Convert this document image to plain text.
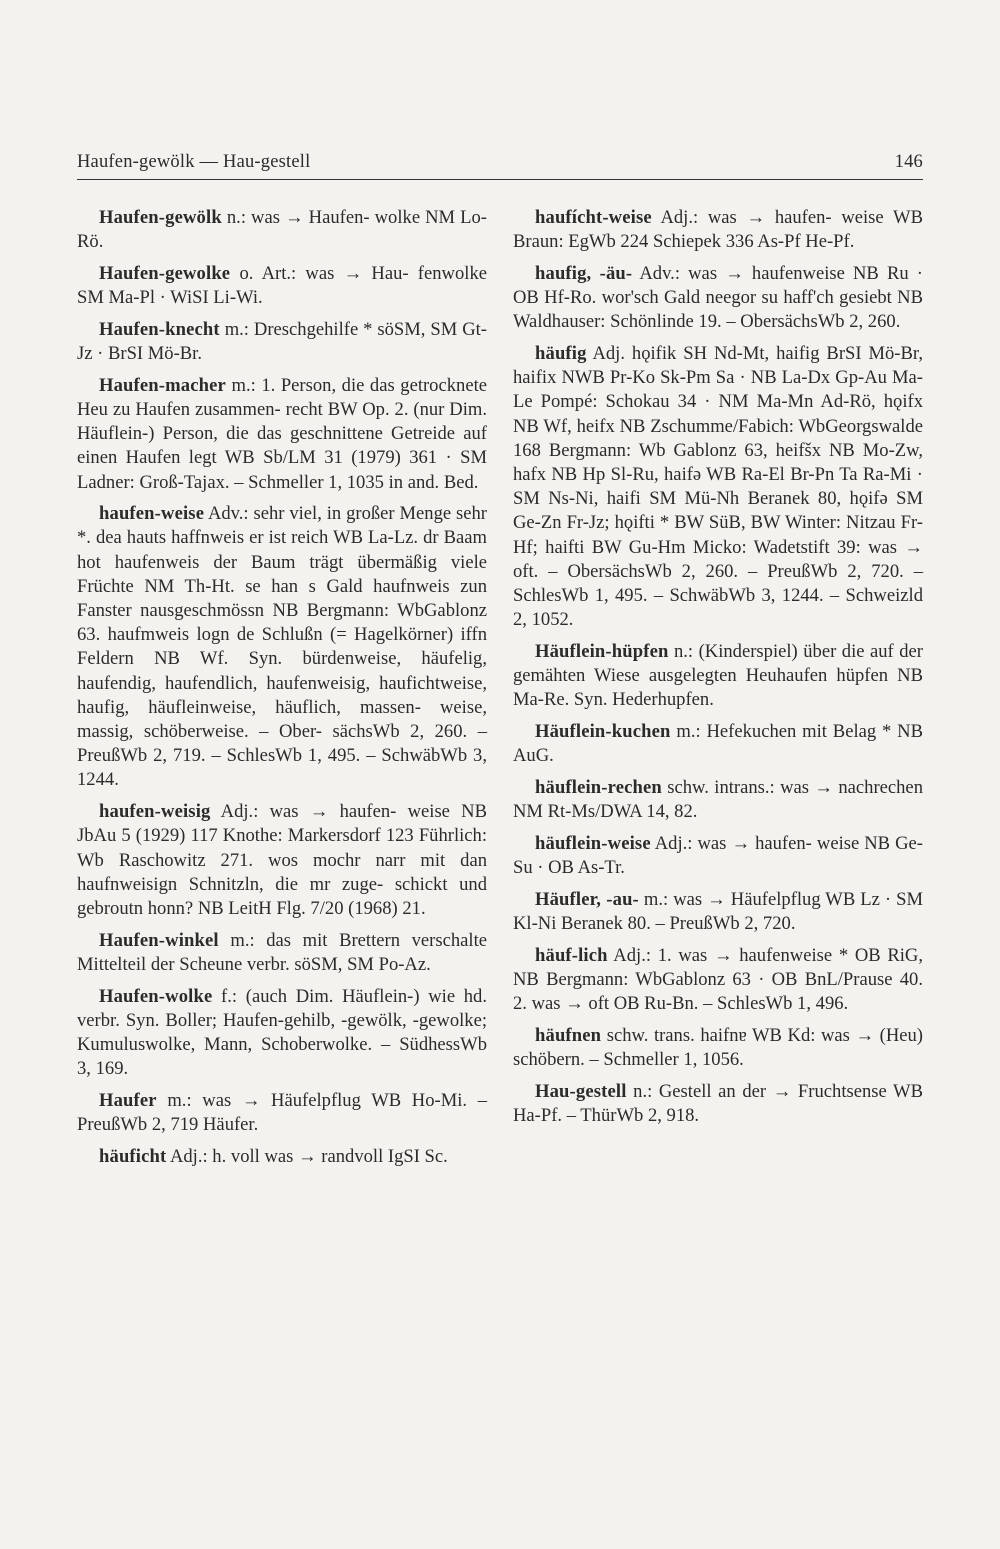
Haufen-gewölk — Hau-gestell	146

Haufen-gewölk n.: was → Haufen- wolke NM Lo-Rö.

Haufen-gewolke o. Art.: was → Hau- fenwolke SM Ma-Pl · WiSI Li-Wi.

Haufen-knecht m.: Dreschgehilfe * söSM, SM Gt-Jz · BrSI Mö-Br.

Haufen-macher m.: 1. Person, die das getrocknete Heu zu Haufen zusammen- recht BW Op. 2. (nur Dim. Häuflein-) Person, die das geschnittene Getreide auf einen Haufen legt WB Sb/LM 31 (1979) 361 · SM Ladner: Groß-Tajax. – Schmeller 1, 1035 in and. Bed.

haufen-weise Adv.: sehr viel, in großer Menge sehr *. dea hauts haffnweis er ist reich WB La-Lz. dr Baam hot haufenweis der Baum trägt übermäßig viele Früchte NM Th-Ht. se han s Gald haufnweis zun Fanster nausgeschmössn NB Bergmann: WbGablonz 63. haufmweis logn de Schlußn (= Hagelkörner) iffn Feldern NB Wf. Syn. bürdenweise, häufelig, haufendig, haufendlich, haufenweisig, haufichtweise, haufig, häufleinweise, häuflich, massen- weise, massig, schöberweise. – Ober- sächsWb 2, 260. – PreußWb 2, 719. – SchlesWb 1, 495. – SchwäbWb 3, 1244.

haufen-weisig Adj.: was → haufen- weise NB JbAu 5 (1929) 117 Knothe: Markersdorf 123 Führlich: Wb Raschowitz 271. wos mochr narr mit dan haufnweisign Schnitzln, die mr zuge- schickt und gebroutn honn? NB LeitH Flg. 7/20 (1968) 21.

Haufen-winkel m.: das mit Brettern verschalte Mittelteil der Scheune verbr. söSM, SM Po-Az.

Haufen-wolke f.: (auch Dim. Häuflein-) wie hd. verbr. Syn. Boller; Haufen-gehilb, -gewölk, -gewolke; Kumuluswolke, Mann, Schoberwolke. – SüdhessWb 3, 169.

Haufer m.: was → Häufelpflug WB Ho-Mi. – PreußWb 2, 719 Häufer.

häuficht Adj.: h. voll was → randvoll IgSI Sc.

haufícht-weise Adj.: was → haufen- weise WB Braun: EgWb 224 Schiepek 336 As-Pf He-Pf.

haufig, -äu- Adv.: was → haufenweise NB Ru · OB Hf-Ro. wor'sch Gald neegor su haff'ch gesiebt NB Waldhauser: Schönlinde 19. – ObersächsWb 2, 260.

häufig Adj. hǫifik SH Nd-Mt, haifig BrSI Mö-Br, haifix NWB Pr-Ko Sk-Pm Sa · NB La-Dx Gp-Au Ma-Le Pompé: Schokau 34 · NM Ma-Mn Ad-Rö, hǫifx NB Wf, heifx NB Zschumme/Fabich: WbGeorgswalde 168 Bergmann: Wb Gablonz 63, heifšx NB Mo-Zw, hafx NB Hp Sl-Ru, haifə WB Ra-El Br-Pn Ta Ra-Mi · SM Ns-Ni, haifi SM Mü-Nh Beranek 80, hǫifə SM Ge-Zn Fr-Jz; hǫifti * BW SüB, BW Winter: Nitzau Fr-Hf; haifti BW Gu-Hm Micko: Wadetstift 39: was → oft. – ObersächsWb 2, 260. – PreußWb 2, 720. – SchlesWb 1, 495. – SchwäbWb 3, 1244. – Schweizld 2, 1052.

Häuflein-hüpfen n.: (Kinderspiel) über die auf der gemähten Wiese ausgelegten Heuhaufen hüpfen NB Ma-Re. Syn. Hederhupfen.

Häuflein-kuchen m.: Hefekuchen mit Belag * NB AuG.

häuflein-rechen schw. intrans.: was → nachrechen NM Rt-Ms/DWA 14, 82.

häuflein-weise Adj.: was → haufen- weise NB Ge-Su · OB As-Tr.

Häufler, -au- m.: was → Häufelpflug WB Lz · SM Kl-Ni Beranek 80. – PreußWb 2, 720.

häuf-lich Adj.: 1. was → haufenweise * OB RiG, NB Bergmann: WbGablonz 63 · OB BnL/Prause 40. 2. was → oft OB Ru-Bn. – SchlesWb 1, 496.

häufnen schw. trans. haifnɐ WB Kd: was → (Heu) schöbern. – Schmeller 1, 1056.

Hau-gestell n.: Gestell an der → Fruchtsense WB Ha-Pf. – ThürWb 2, 918.
